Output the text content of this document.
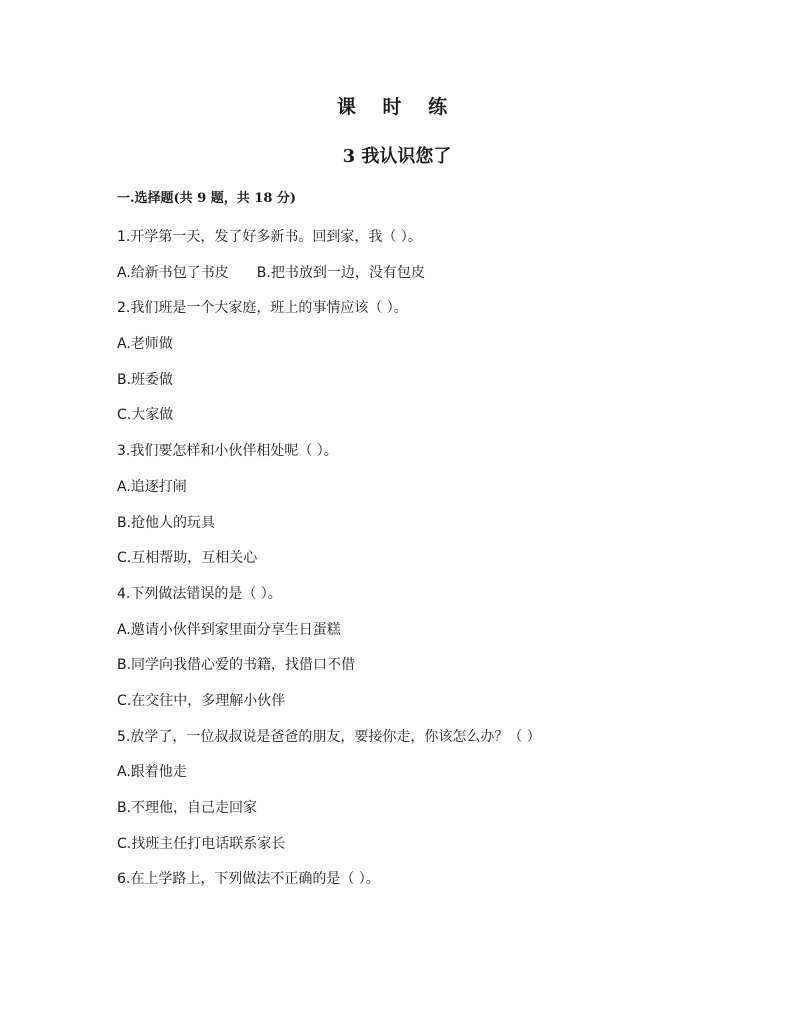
课 时 练
3 我认识您了
一.选择题(共 9 题，共 18 分)
1.开学第一天，发了好多新书。回到家，我（ ）。
A.给新书包了书皮 B.把书放到一边，没有包皮
2.我们班是一个大家庭，班上的事情应该（ ）。
A.老师做
B.班委做
C.大家做
3.我们要怎样和小伙伴相处呢（ ）。
A.追逐打闹
B.抢他人的玩具
C.互相帮助，互相关心
4.下列做法错误的是（ ）。
A.邀请小伙伴到家里面分享生日蛋糕
B.同学向我借心爱的书籍，找借口不借
C.在交往中，多理解小伙伴
5.放学了，一位叔叔说是爸爸的朋友，要接你走，你该怎么办？（ ）
A.跟着他走
B.不理他，自己走回家
C.找班主任打电话联系家长
6.在上学路上，下列做法不正确的是（ ）。
